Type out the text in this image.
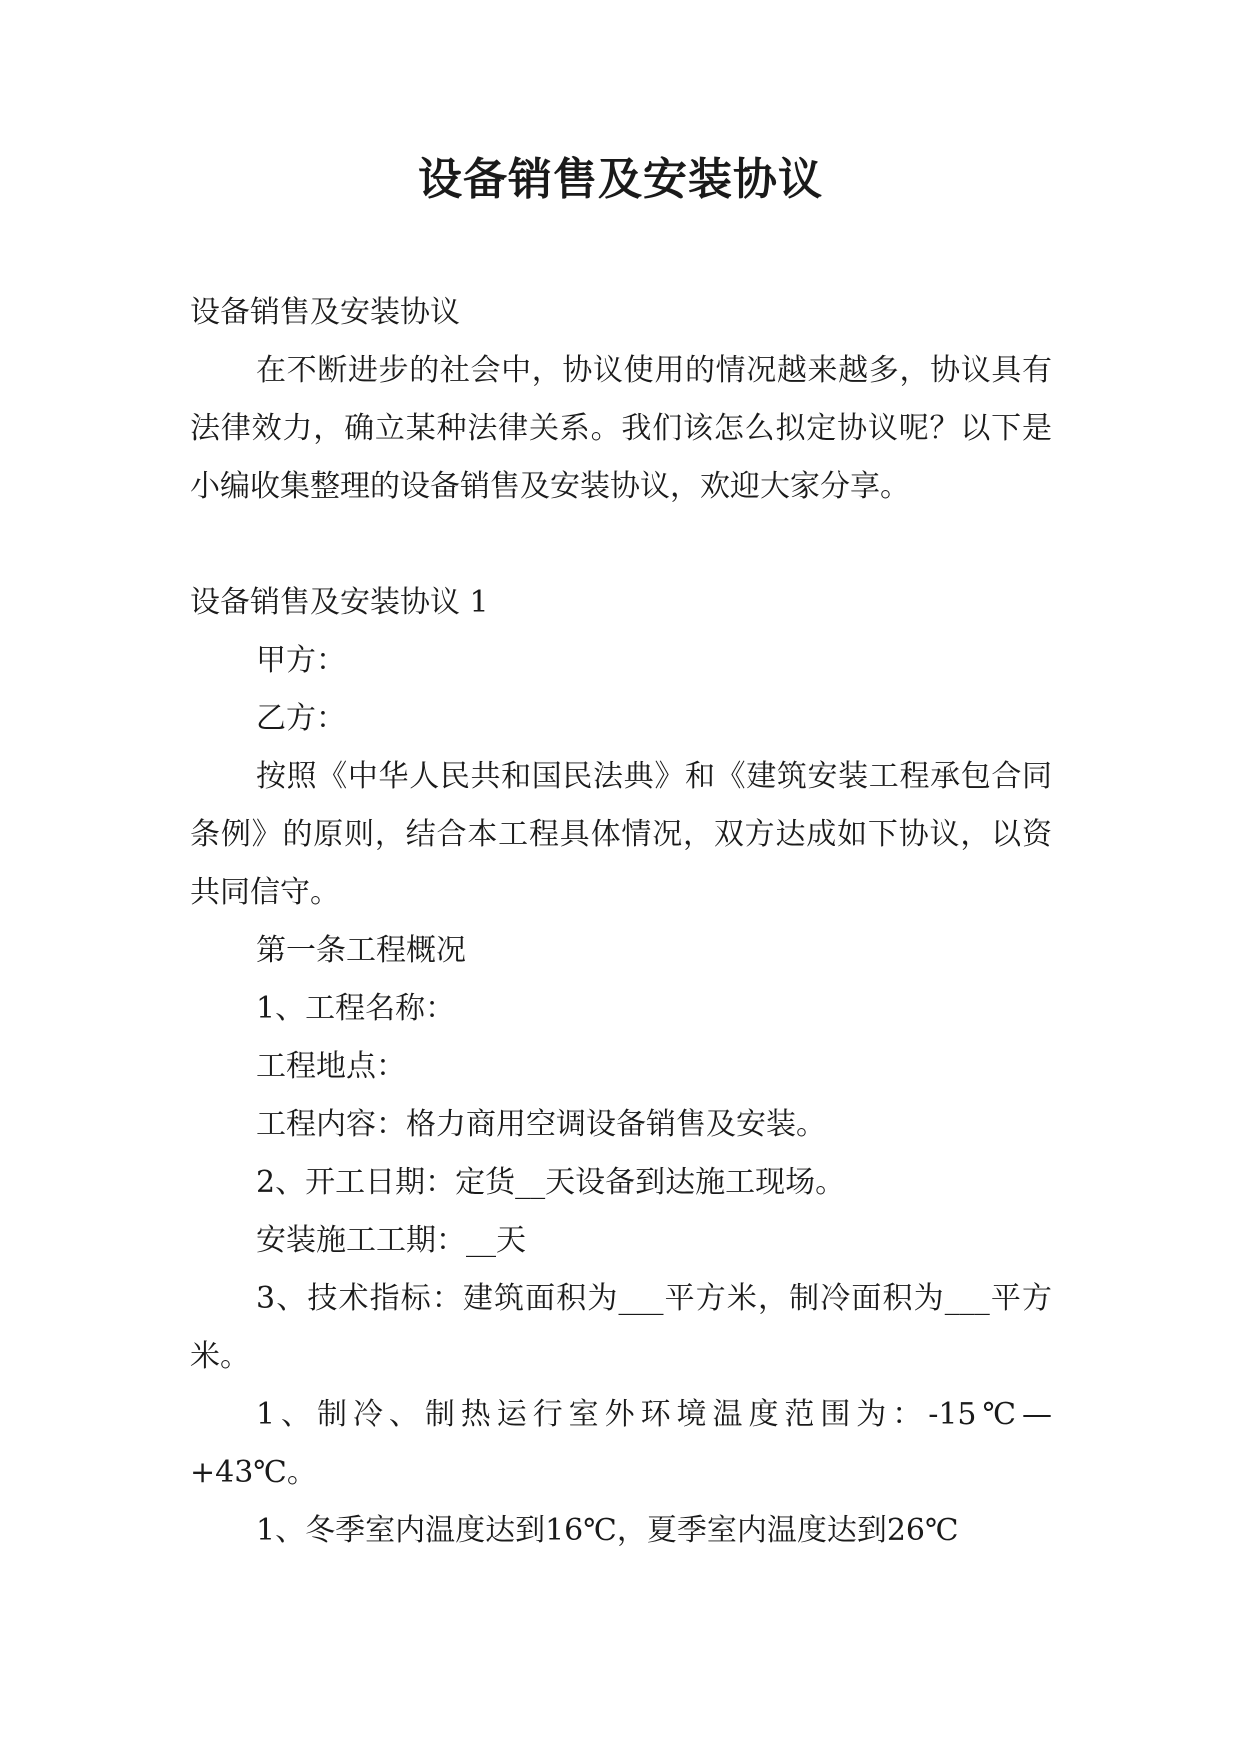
设备销售及安装协议

设备销售及安装协议

在不断进步的社会中，协议使用的情况越来越多，协议具有法律效力，确立某种法律关系。我们该怎么拟定协议呢？以下是小编收集整理的设备销售及安装协议，欢迎大家分享。

设备销售及安装协议 1

甲方：

乙方：

按照《中华人民共和国民法典》和《建筑安装工程承包合同条例》的原则，结合本工程具体情况，双方达成如下协议，以资共同信守。

第一条工程概况

1、工程名称：

工程地点：

工程内容：格力商用空调设备销售及安装。

2、开工日期：定货__天设备到达施工现场。

安装施工工期：__天

3、技术指标：建筑面积为___平方米，制冷面积为___平方米。

1、制冷、制热运行室外环境温度范围为：-15℃—+43℃。

1、冬季室内温度达到16℃，夏季室内温度达到26℃
